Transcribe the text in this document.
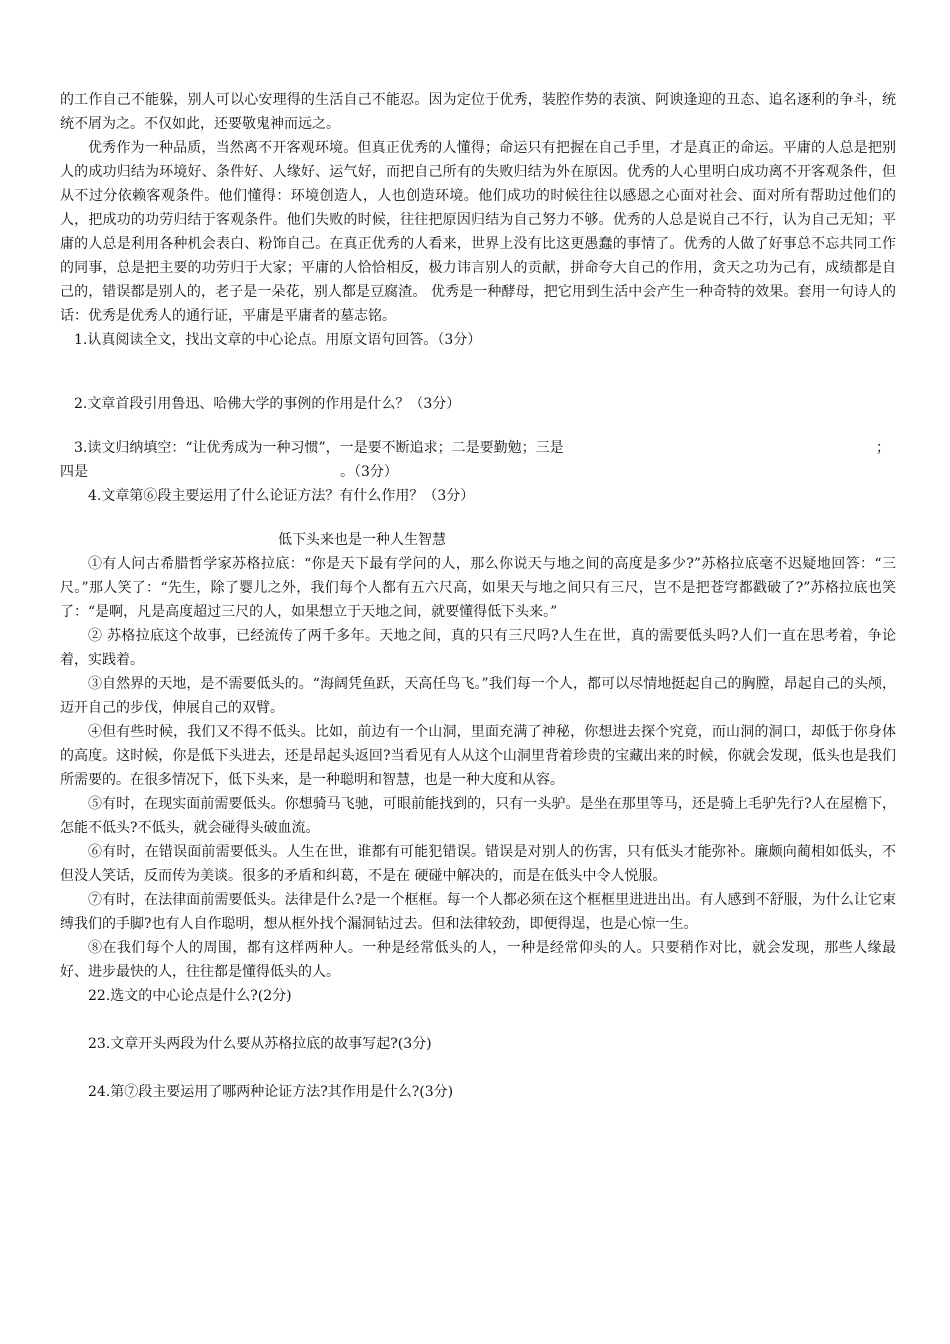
的工作自己不能躲，别人可以心安理得的生活自己不能忍。因为定位于优秀，装腔作势的表演、阿谀逢迎的丑态、追名逐利的争斗，统统不屑为之。不仅如此，还要敬鬼神而远之。

优秀作为一种品质，当然离不开客观环境。但真正优秀的人懂得；命运只有把握在自己手里，才是真正的命运。平庸的人总是把别人的成功归结为环境好、条件好、人缘好、运气好，而把自己所有的失败归结为外在原因。优秀的人心里明白成功离不开客观条件，但从不过分依赖客观条件。他们懂得：环境创造人，人也创造环境。他们成功的时候往往以感恩之心面对社会、面对所有帮助过他们的人，把成功的功劳归结于客观条件。他们失败的时候，往往把原因归结为自己努力不够。优秀的人总是说自己不行，认为自己无知；平庸的人总是利用各种机会表白、粉饰自己。在真正优秀的人看来，世界上没有比这更愚蠢的事情了。优秀的人做了好事总不忘共同工作的同事，总是把主要的功劳归于大家；平庸的人恰恰相反，极力讳言别人的贡献，拼命夸大自己的作用，贪天之功为己有，成绩都是自己的，错误都是别人的，老子是一朵花，别人都是豆腐渣。 优秀是一种酵母，把它用到生活中会产生一种奇特的效果。套用一句诗人的话：优秀是优秀人的通行证，平庸是平庸者的墓志铭。

1.认真阅读全文，找出文章的中心论点。用原文语句回答。（3分）

2.文章首段引用鲁迅、哈佛大学的事例的作用是什么？（3分）

3.读文归纳填空：“让优秀成为一种习惯”，一是要不断追求；二是要勤勉；三是	；
四是	。（3分）

4.文章第⑥段主要运用了什么论证方法？有什么作用？（3分）

低下头来也是一种人生智慧

①有人问古希腊哲学家苏格拉底：“你是天下最有学问的人，那么你说天与地之间的高度是多少?”苏格拉底毫不迟疑地回答：“三尺。”那人笑了：“先生，除了婴儿之外，我们每个人都有五六尺高，如果天与地之间只有三尺，岂不是把苍穹都戳破了?”苏格拉底也笑了：“是啊，凡是高度超过三尺的人，如果想立于天地之间，就要懂得低下头来。”

② 苏格拉底这个故事，已经流传了两千多年。天地之间，真的只有三尺吗?人生在世，真的需要低头吗?人们一直在思考着，争论着，实践着。

③自然界的天地，是不需要低头的。“海阔凭鱼跃，天高任鸟飞。”我们每一个人，都可以尽情地挺起自己的胸膛，昂起自己的头颅，迈开自己的步伐，伸展自己的双臂。

④但有些时候，我们又不得不低头。比如，前边有一个山洞，里面充满了神秘，你想进去探个究竟，而山洞的洞口，却低于你身体的高度。这时候，你是低下头进去，还是昂起头返回?当看见有人从这个山洞里背着珍贵的宝藏出来的时候，你就会发现，低头也是我们所需要的。在很多情况下，低下头来，是一种聪明和智慧，也是一种大度和从容。

⑤有时，在现实面前需要低头。你想骑马飞驰，可眼前能找到的，只有一头驴。是坐在那里等马，还是骑上毛驴先行?人在屋檐下，怎能不低头?不低头，就会碰得头破血流。

⑥有时，在错误面前需要低头。人生在世，谁都有可能犯错误。错误是对别人的伤害，只有低头才能弥补。廉颇向蔺相如低头，不但没人笑话，反而传为美谈。很多的矛盾和纠葛，不是在 硬碰中解决的，而是在低头中令人悦服。

⑦有时，在法律面前需要低头。法律是什么?是一个框框。每一个人都必须在这个框框里进进出出。有人感到不舒服，为什么让它束缚我们的手脚?也有人自作聪明，想从框外找个漏洞钻过去。但和法律较劲，即便得逞，也是心惊一生。

⑧在我们每个人的周围，都有这样两种人。一种是经常低头的人，一种是经常仰头的人。只要稍作对比，就会发现，那些人缘最好、进步最快的人，往往都是懂得低头的人。

22.选文的中心论点是什么?(2分)

23.文章开头两段为什么要从苏格拉底的故事写起?(3分)

24.第⑦段主要运用了哪两种论证方法?其作用是什么?(3分)
